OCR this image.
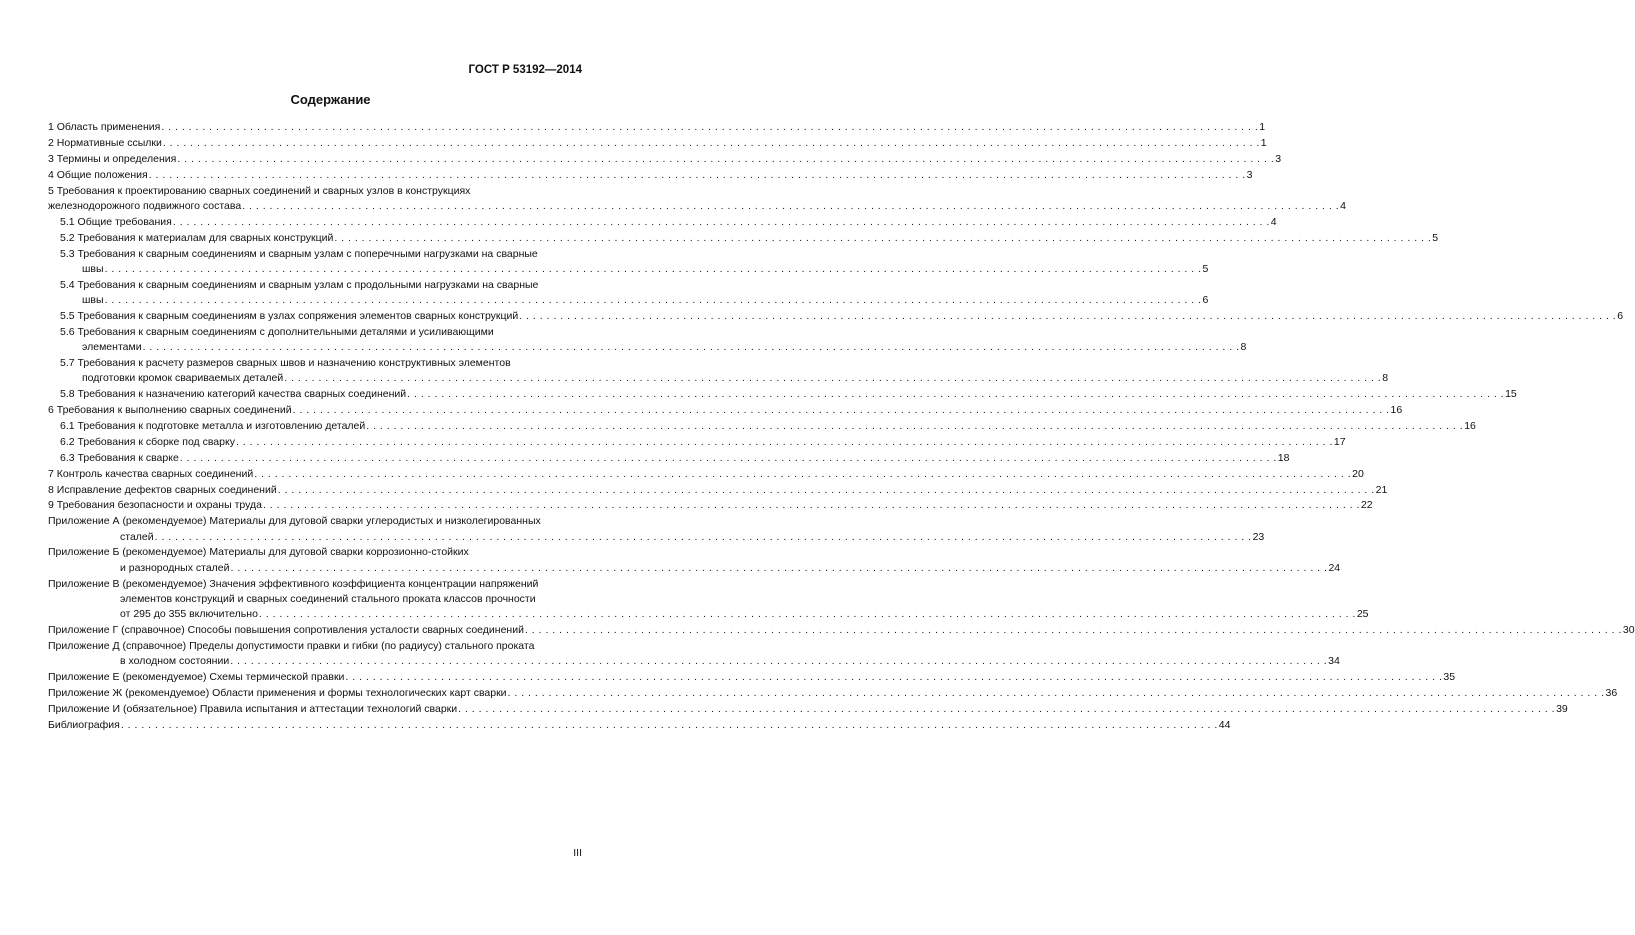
ГОСТ Р 53192—2014
Содержание
1 Область применения . . .	1
2 Нормативные ссылки . . .	1
3 Термины и определения . . .	3
4 Общие положения . . .	3
5 Требования к проектированию сварных соединений и сварных узлов в конструкциях
железнодорожного подвижного состава . . .	4
5.1 Общие требования . . .	4
5.2 Требования к материалам для сварных конструкций . . .	5
5.3 Требования к сварным соединениям и сварным узлам с поперечными нагрузками на сварные
швы . . .	5
5.4 Требования к сварным соединениям и сварным узлам с продольными нагрузками на сварные
швы . . .	6
5.5 Требования к сварным соединениям в узлах сопряжения элементов сварных конструкций . . .	6
5.6 Требования к сварным соединениям с дополнительными деталями и усиливающими
элементами . . .	8
5.7 Требования к расчету размеров сварных швов и назначению конструктивных элементов
подготовки кромок свариваемых деталей . . .	8
5.8 Требования к назначению категорий качества сварных соединений . . .	15
6 Требования к выполнению сварных соединений . . .	16
6.1 Требования к подготовке металла и изготовлению деталей . . .	16
6.2 Требования к сборке под сварку . . .	17
6.3 Требования к сварке . . .	18
7 Контроль качества сварных соединений . . .	20
8 Исправление дефектов сварных соединений . . .	21
9 Требования безопасности и охраны труда . . .	22
Приложение А (рекомендуемое) Материалы для дуговой сварки углеродистых и низколегированных
сталей . . .	23
Приложение Б (рекомендуемое) Материалы для дуговой сварки коррозионно-стойких
и разнородных сталей . . .	24
Приложение В (рекомендуемое) Значения эффективного коэффициента концентрации напряжений
элементов конструкций и сварных соединений стального проката классов прочности
от 295 до 355 включительно . . .	25
Приложение Г (справочное) Способы повышения сопротивления усталости сварных соединений . . .	30
Приложение Д (справочное) Пределы допустимости правки и гибки (по радиусу) стального проката
в холодном состоянии . . .	34
Приложение Е (рекомендуемое) Схемы термической правки . . .	35
Приложение Ж (рекомендуемое) Области применения и формы технологических карт сварки . . .	36
Приложение И (обязательное) Правила испытания и аттестации технологий сварки . . .	39
Библиография . . .	44
III
